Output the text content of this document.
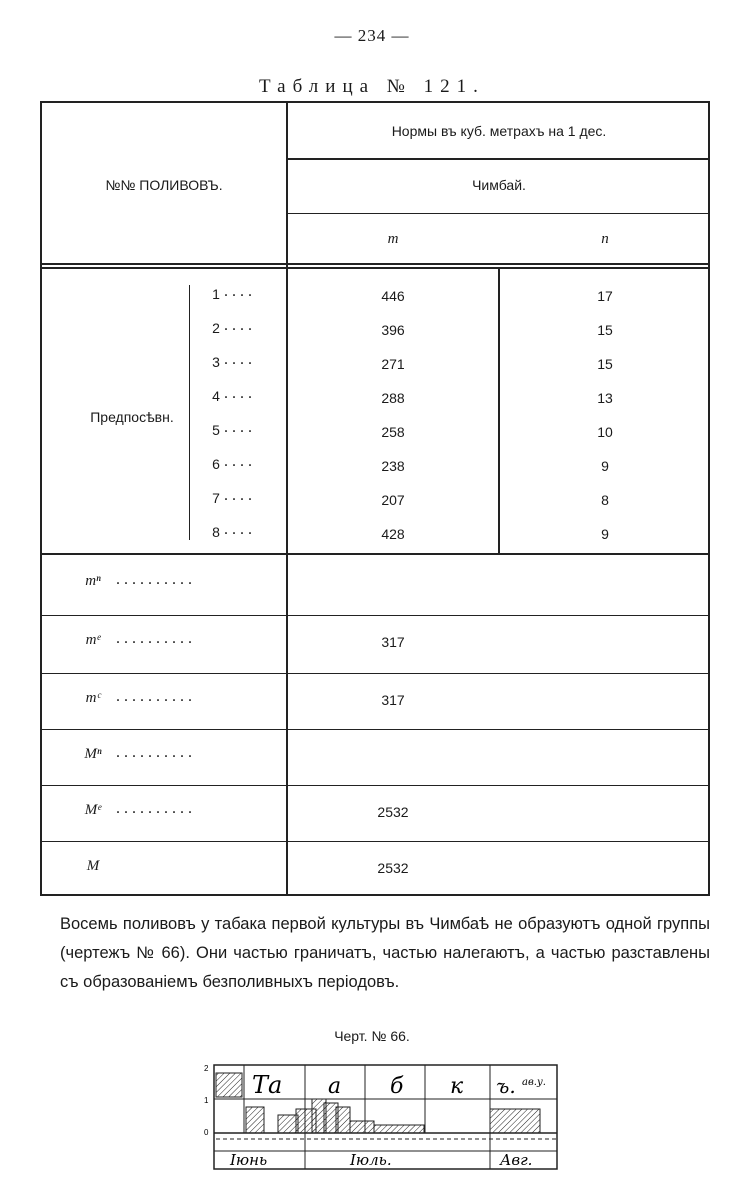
— 234 —
Таблица № 121.
№№ ПОЛИВОВЪ.
Нормы въ куб. метрахъ на 1 дес.
Чимбай.
m	n
Предпосѣвн.
1 ....	446	17
2 ....	396	15
3 ....	271	15
4 ....	288	13
5 ....	258	10
6 ....	238	9
7 ....	207	8
8 ....	428	9
mⁿ ..........
mᵉ ..........	317
mᶜ ..........	317
Mⁿ ..........
Mᵉ ..........	2532
M	2532
Восемь поливовъ у табака первой культуры въ Чимбаѣ не образуютъ одной группы (чертежъ № 66). Они частью граничатъ, частью налегаютъ, а частью разставлены съ образованіемъ безполивныхъ періодовъ.
Черт. № 66.
2
1
0
Та	б
а	к ъ. ав.у.
Іюнь	Іюль.	Авг.
